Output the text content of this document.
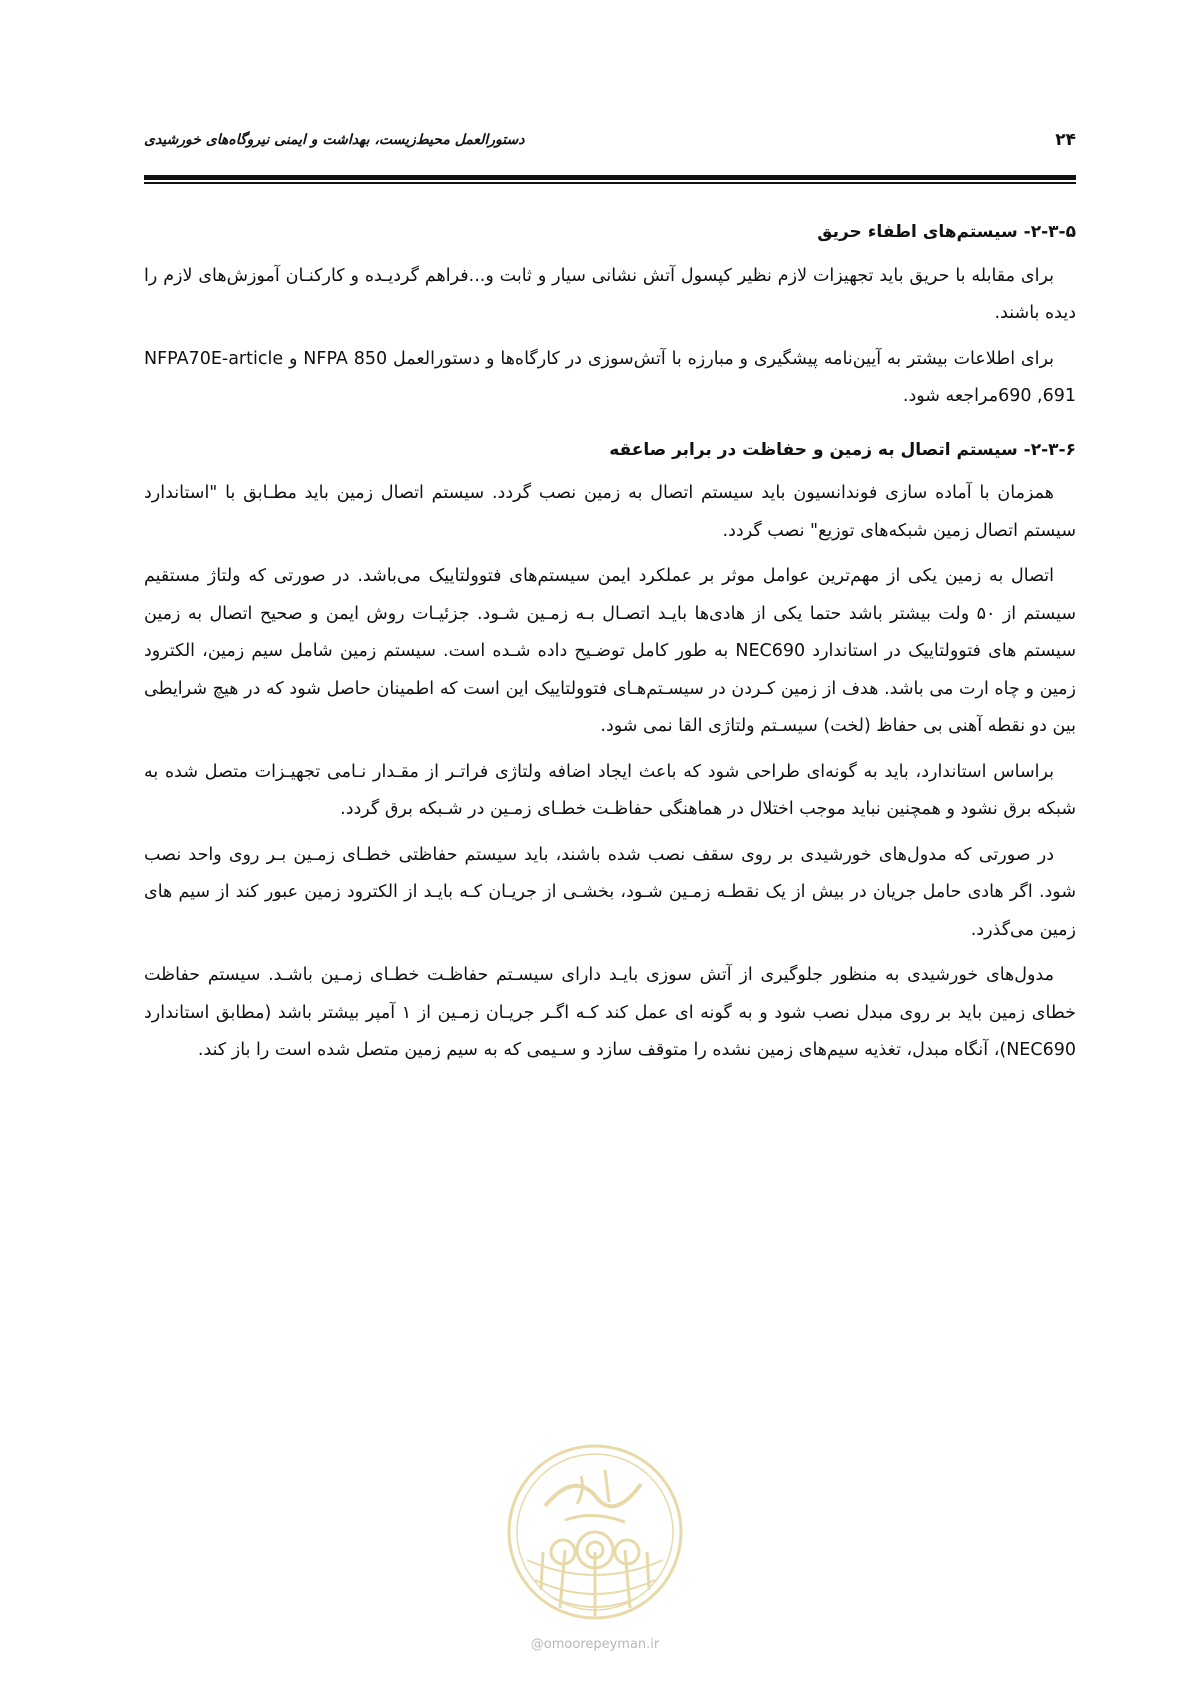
۲۴
دستورالعمل محیط‌زیست، بهداشت و ایمنی نیروگاه‌های خورشیدی
۲-۳-۵- سیستم‌های اطفاء حریق

برای مقابله با حریق باید تجهیزات لازم نظیر کپسول آتش نشانی سیار و ثابت و...فراهم گردیـده و کارکنـان آموزش‌های لازم را دیده باشند.

برای اطلاعات بیشتر به آیین‌نامه پیشگیری و مبارزه با آتش‌سوزی در کارگاه‌ها و دستورالعمل NFPA 850 و NFPA70E-article 690 ,691مراجعه شود.

۲-۳-۶- سیستم اتصال به زمین و حفاظت در برابر صاعقه

همزمان با آماده سازی فوندانسیون باید سیستم اتصال به زمین نصب گردد. سیستم اتصال زمین باید مطـابق با "استاندارد سیستم اتصال زمین شبکه‌های توزیع" نصب گردد.

اتصال به زمین یکی از مهم‌ترین عوامل موثر بر عملکرد ایمن سیستم‌های فتوولتاییک می‌باشد. در صورتی که ولتاژ مستقیم سیستم از ۵۰ ولت بیشتر باشد حتما یکی از هادی‌ها بایـد اتصـال بـه زمـین شـود. جزئیـات روش ایمن و صحیح اتصال به زمین سیستم های فتوولتاییک در استاندارد NEC690 به طور کامل توضـیح داده شـده است. سیستم زمین شامل سیم زمین، الکترود زمین و چاه ارت می باشد. هدف از زمین کـردن در سیسـتم‌هـای فتوولتاییک این است که اطمینان حاصل شود که در هیچ شرایطی بین دو نقطه آهنی بی حفاظ (لخت) سیسـتم ولتاژی القا نمی شود.

براساس استاندارد، باید به گونه‌ای طراحی شود که باعث ایجاد اضافه ولتاژی فراتـر از مقـدار نـامی تجهیـزات متصل شده به شبکه برق نشود و همچنین نباید موجب اختلال در هماهنگی حفاظـت خطـای زمـین در شـبکه برق گردد.

در صورتی که مدول‌های خورشیدی بر روی سقف نصب شده باشند، باید سیستم حفاظتی خطـای زمـین بـر روی واحد نصب شود. اگر هادی حامل جریان در بیش از یک نقطـه زمـین شـود، بخشـی از جریـان کـه بایـد از الکترود زمین عبور کند از سیم های زمین می‌گذرد.

مدول‌های خورشیدی به منظور جلوگیری از آتش سوزی بایـد دارای سیسـتم حفاظـت خطـای زمـین باشـد. سیستم حفاظت خطای زمین باید بر روی مبدل نصب شود و به گونه ای عمل کند کـه اگـر جریـان زمـین از ۱ آمپر بیشتر باشد (مطابق استاندارد NEC690)، آنگاه مبدل، تغذیه سیم‌های زمین نشده را متوقف سازد و سـیمی که به سیم زمین متصل شده است را باز کند.

@omoorepeyman.ir
